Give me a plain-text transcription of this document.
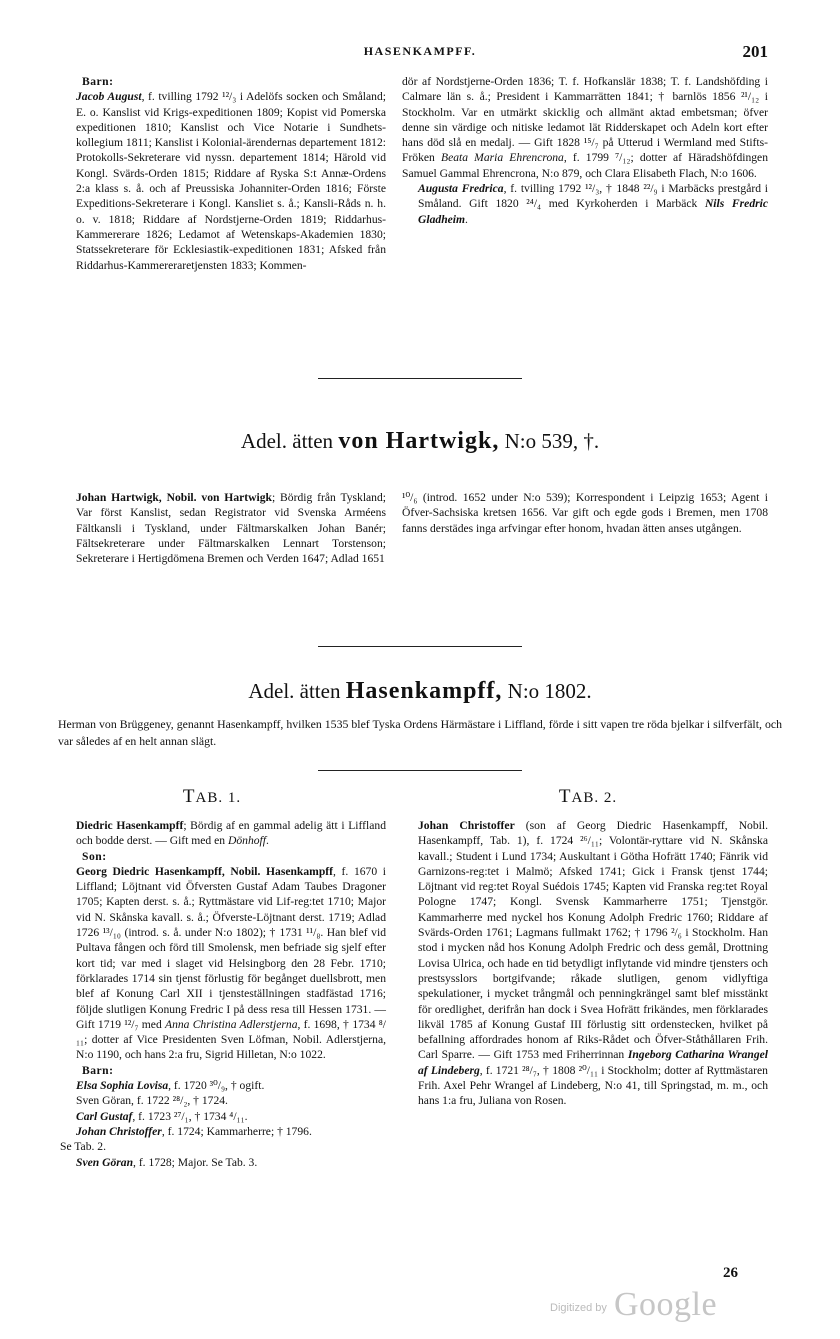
HASENKAMPFF.	201

Barn:

Jacob August, f. tvilling 1792 ¹²/₃ i Adelöfs socken och Småland; E. o. Kanslist vid Krigs-expeditionen 1809; Kopist vid Pomerska expeditionen 1810; Kanslist och Vice Notarie i Sundhets-kollegium 1811; Kanslist i Kolonial-ärendernas departement 1812: Protokolls-Sekreterare vid nyssn. departement 1814; Härold vid Kongl. Svärds-Orden 1815; Riddare af Ryska S:t Annæ-Ordens 2:a klass s. å. och af Preussiska Johanniter-Orden 1816; Förste Expeditions-Sekreterare i Kongl. Kansliet s. å.; Kansli-Råds n. h. o. v. 1818; Riddare af Nordstjerne-Orden 1819; Riddarhus-Kammererare 1826; Ledamot af Wetenskaps-Akademien 1830; Statssekreterare för Ecklesiastik-expeditionen 1831; Afsked från Riddarhus-Kammereraretjensten 1833; Kommen-

dör af Nordstjerne-Orden 1836; T. f. Hofkanslär 1838; T. f. Landshöfding i Calmare län s. å.; President i Kammarrätten 1841; † barnlös 1856 ²¹/₁₂ i Stockholm. Var en utmärkt skicklig och allmänt aktad embetsman; öfver denne sin värdige och nitiske ledamot lät Ridderskapet och Adeln kort efter hans död slå en medalj. — Gift 1828 ¹⁵/₇ på Utterud i Wermland med Stifts-Fröken Beata Maria Ehrencrona, f. 1799 ⁷/₁₂; dotter af Häradshöfdingen Samuel Gammal Ehrencrona, N:o 879, och Clara Elisabeth Flach, N:o 1606.

Augusta Fredrica, f. tvilling 1792 ¹²/₃, † 1848 ²²/₉ i Marbäcks prestgård i Småland. Gift 1820 ²⁴/₄ med Kyrkoherden i Marbäck Nils Fredric Gladheim.

Adel. ätten von Hartwigk, N:o 539, †.

Johan Hartwigk, Nobil. von Hartwigk; Bördig från Tyskland; Var först Kanslist, sedan Registrator vid Svenska Arméens Fältkansli i Tyskland, under Fältmarskalken Johan Banér; Fältsekreterare under Fältmarskalken Lennart Torstenson; Sekreterare i Hertigdömena Bremen och Verden 1647; Adlad 1651

¹⁰/₆ (introd. 1652 under N:o 539); Korrespondent i Leipzig 1653; Agent i Öfver-Sachsiska kretsen 1656. Var gift och egde gods i Bremen, men 1708 fanns derstädes inga arfvingar efter honom, hvadan ätten anses utgången.

Adel. ätten Hasenkampff, N:o 1802.
Herman von Brüggeney, genannt Hasenkampff, hvilken 1535 blef Tyska Ordens Härmästare i Liffland, förde i sitt vapen tre röda bjelkar i silfverfält, och var således af en helt annan slägt.
TAB. 1.	TAB. 2.

Diedric Hasenkampff; Bördig af en gammal adelig ätt i Liffland och bodde derst. — Gift med en Dönhoff.

Son:

Georg Diedric Hasenkampff, Nobil. Hasenkampff, f. 1670 i Liffland; Löjtnant vid Öfversten Gustaf Adam Taubes Dragoner 1705; Kapten derst. s. å.; Ryttmästare vid Lif-reg:tet 1710; Major vid N. Skånska kavall. s. å.; Öfverste-Löjtnant derst. 1719; Adlad 1726 ¹³/₁₀ (introd. s. å. under N:o 1802); † 1731 ¹¹/₈. Han blef vid Pultava fången och förd till Smolensk, men befriade sig sjelf efter kort tid; var med i slaget vid Helsingborg den 28 Febr. 1710; förklarades 1714 sin tjenst förlustig för begånget duellsbrott, men blef af Konung Carl XII i tjensteställningen stadfästad 1716; följde slutligen Konung Fredric I på dess resa till Hessen 1731. — Gift 1719 ¹²/₇ med Anna Christina Adlerstjerna, f. 1698, † 1734 ⁸/₁₁; dotter af Vice Presidenten Sven Löfman, Nobil. Adlerstjerna, N:o 1190, och hans 2:a fru, Sigrid Hilletan, N:o 1022.

Barn:

Elsa Sophia Lovisa, f. 1720 ³⁰/₉, † ogift.

Sven Göran, f. 1722 ²⁸/₂, † 1724.

Carl Gustaf, f. 1723 ²⁷/₁, † 1734 ⁴/₁₁.

Johan Christoffer, f. 1724; Kammarherre; † 1796.

Se Tab. 2.

Sven Göran, f. 1728; Major. Se Tab. 3.

Johan Christoffer (son af Georg Diedric Hasenkampff, Nobil. Hasenkampff, Tab. 1), f. 1724 ²⁶/₁₁; Volontär-ryttare vid N. Skånska kavall.; Student i Lund 1734; Auskultant i Götha Hofrätt 1740; Fänrik vid Garnizons-reg:tet i Malmö; Afsked 1741; Gick i Fransk tjenst 1744; Löjtnant vid reg:tet Royal Suédois 1745; Kapten vid Franska reg:tet Royal Pologne 1747; Kongl. Svensk Kammarherre 1751; Tjenstgör. Kammarherre med nyckel hos Konung Adolph Fredric 1760; Riddare af Svärds-Orden 1761; Lagmans fullmakt 1762; † 1796 ²/₆ i Stockholm. Han stod i mycken nåd hos Konung Adolph Fredric och dess gemål, Drottning Lovisa Ulrica, och hade en tid betydligt inflytande vid mindre tjensters och prestsysslors bortgifvande; råkade slutligen, genom vidlyftiga spekulationer, i mycket trångmål och penningkrängel samt blef misstänkt för oredlighet, derifrån han dock i Svea Hofrätt frikändes, men förklarades likväl 1785 af Konung Gustaf III förlustig sitt ordenstecken, hvilket på befallning affordrades honom af Riks-Rådet och Öfver-Ståthållaren Frih. Carl Sparre. — Gift 1753 med Friherrinnan Ingeborg Catharina Wrangel af Lindeberg, f. 1721 ²⁸/₇, † 1808 ²⁰/₁₁ i Stockholm; dotter af Ryttmästaren Frih. Axel Pehr Wrangel af Lindeberg, N:o 41, till Springstad, m. m., och hans 1:a fru, Juliana von Rosen.

26
Digitized by Google
